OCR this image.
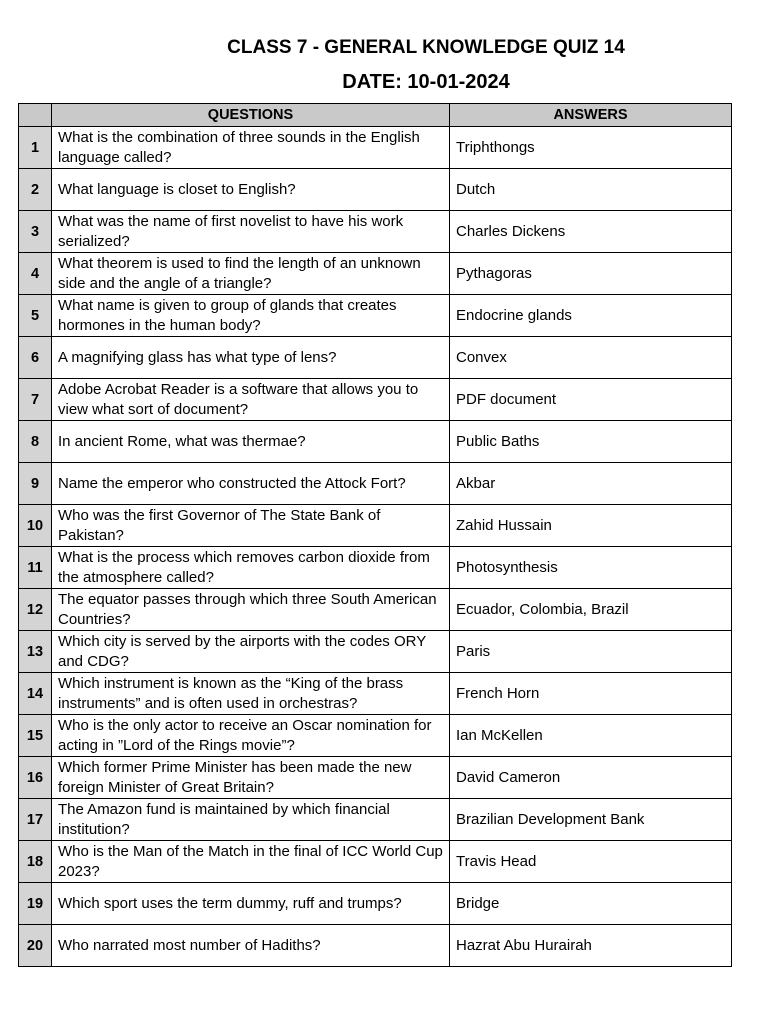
CLASS 7 - GENERAL KNOWLEDGE QUIZ 14
DATE: 10-01-2024
	QUESTIONS	ANSWERS
1	What is the combination of three sounds in the English language called?	Triphthongs
2	What language is closet to English?	Dutch
3	What was the name of first novelist to have his work serialized?	Charles Dickens
4	What theorem is used to find the length of an unknown side and the angle of a triangle?	Pythagoras
5	What name is given to group of glands that creates hormones in the human body?	Endocrine glands
6	A magnifying glass has what type of lens?	Convex
7	Adobe Acrobat Reader is a software that allows you to view what sort of document?	PDF document
8	In ancient Rome, what was thermae?	Public Baths
9	Name the emperor who constructed the Attock Fort?	Akbar
10	Who was the first Governor of The State Bank of Pakistan?	Zahid Hussain
11	What is the process which removes carbon dioxide from the atmosphere called?	Photosynthesis
12	The equator passes through which three South American Countries?	Ecuador, Colombia, Brazil
13	Which city is served by the airports with the codes ORY and CDG?	Paris
14	Which instrument is known as the “King of the brass instruments” and is often used in orchestras?	French Horn
15	Who is the only actor to receive an Oscar nomination for acting in ”Lord of the Rings movie”?	Ian McKellen
16	Which former Prime Minister has been made the new foreign Minister of Great Britain?	David Cameron
17	The Amazon fund is maintained by which financial institution?	Brazilian Development Bank
18	Who is the Man of the Match in the final of ICC World Cup 2023?	Travis Head
19	Which sport uses the term dummy, ruff and trumps?	Bridge
20	Who narrated most number of Hadiths?	Hazrat Abu Hurairah
